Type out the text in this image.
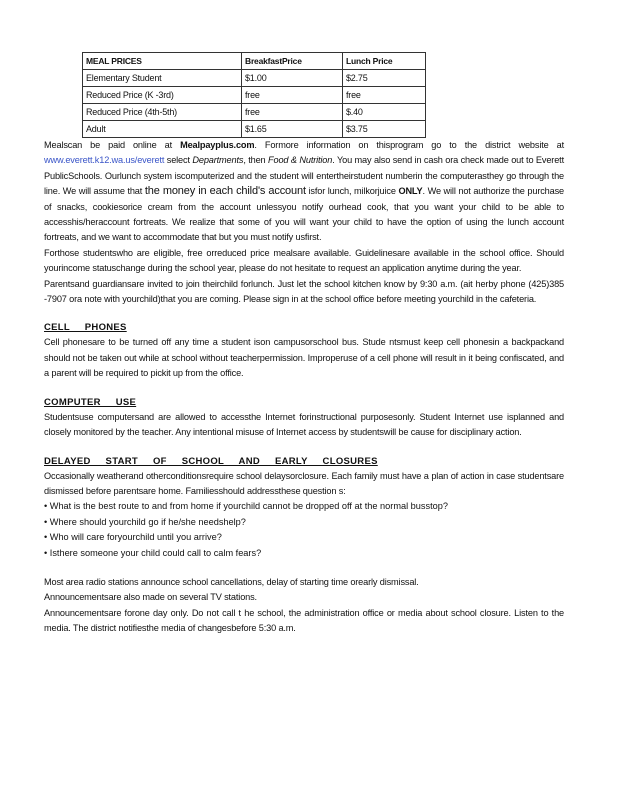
MEAL PRICES	BreakfastPrice	Lunch Price
Elementary Student	$1.00	$2.75
Reduced Price (K -3rd)	free	free
Reduced Price (4th-5th)	free	$.40
Adult	$1.65	$3.75

Mealscan be paid online at Mealpayplus.com. Formore information on thisprogram go to the district website at www.everett.k12.wa.us/everett select Departments, then Food & Nutrition. You may also send in cash ora check made out to Everett PublicSchools. Ourlunch system iscomputerized and the student will entertheirstudent numberin the computerasthey go through the line. We will assume that the money in each child's account isfor lunch, milkorjuice ONLY. We will not authorize the purchase of snacks, cookiesorice cream from the account unlessyou notify ourhead cook, that you want your child to be able to accesshis/heraccount fortreats. We realize that some of you will want your child to have the option of using the lunch account fortreats, and we want to accommodate that but you must notify usfirst.

Forthose studentswho are eligible, free orreduced price mealsare available. Guidelinesare available in the school office. Should yourincome statuschange during the school year, please do not hesitate to request an application anytime during the year.

Parentsand guardiansare invited to join theirchild forlunch. Just let the school kitchen know by 9:30 a.m. (ait herby phone (425)385 -7907 ora note with yourchild)that you are coming. Please sign in at the school office before meeting yourchild in the cafeteria.

CELL PHONES

Cell phonesare to be turned off any time a student ison campusorschool bus. Stude ntsmust keep cell phonesin a backpackand should not be taken out while at school without teacherpermission. Improperuse of a cell phone will result in it being confiscated, and a parent will be required to pickit up from the office.

COMPUTER USE

Studentsuse computersand are allowed to accessthe Internet forinstructional purposesonly. Student Internet use isplanned and closely monitored by the teacher. Any intentional misuse of Internet access by studentswill be cause for disciplinary action.

DELAYED START OF SCHOOL AND EARLY CLOSURES

Occasionally weatherand otherconditionsrequire school delaysorclosure. Each family must have a plan of action in case studentsare dismissed before parentsare home. Familiesshould addressthese question s:

• What is the best route to and from home if yourchild cannot be dropped off at the normal busstop?
• Where should yourchild go if he/she needshelp?
• Who will care foryourchild until you arrive?
• Isthere someone your child could call to calm fears?

Most area radio stations announce school cancellations, delay of starting time orearly dismissal.

Announcementsare also made on several TV stations.

Announcementsare forone day only. Do not call t he school, the administration office or media about school closure. Listen to the media. The district notifiesthe media of changesbefore 5:30 a.m.
